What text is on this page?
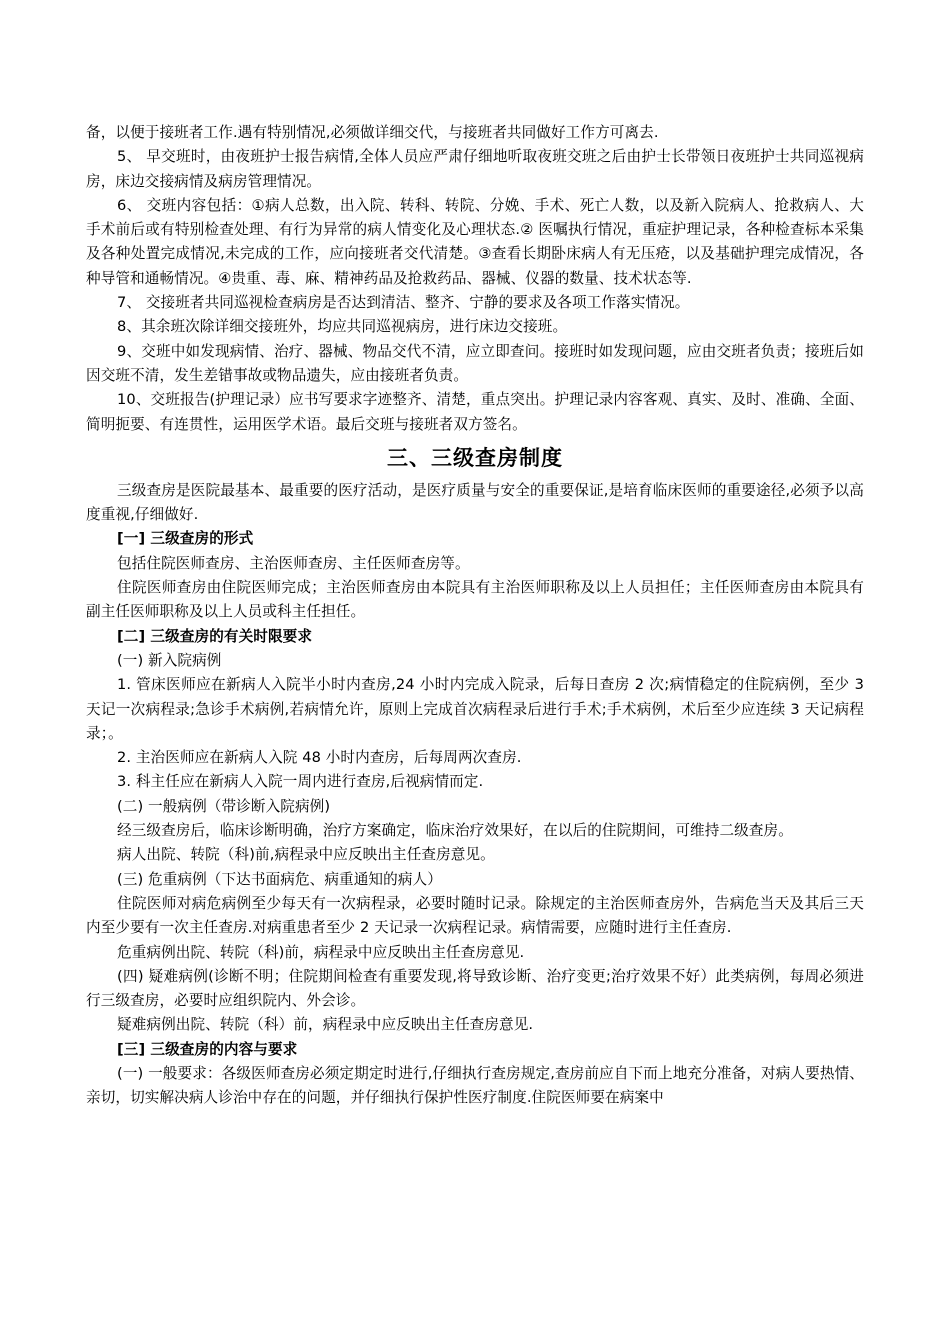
备，以便于接班者工作.遇有特别情况,必须做详细交代，与接班者共同做好工作方可离去.

5、 早交班时，由夜班护士报告病情,全体人员应严肃仔细地听取夜班交班之后由护士长带领日夜班护士共同巡视病房，床边交接病情及病房管理情况。

6、 交班内容包括：①病人总数，出入院、转科、转院、分娩、手术、死亡人数，以及新入院病人、抢救病人、大手术前后或有特别检查处理、有行为异常的病人情变化及心理状态.② 医嘱执行情况，重症护理记录，各种检查标本采集及各种处置完成情况,未完成的工作，应向接班者交代清楚。③查看长期卧床病人有无压疮，以及基础护理完成情况，各种导管和通畅情况。④贵重、毒、麻、精神药品及抢救药品、器械、仪器的数量、技术状态等.

7、 交接班者共同巡视检查病房是否达到清洁、整齐、宁静的要求及各项工作落实情况。

8、其余班次除详细交接班外，均应共同巡视病房，进行床边交接班。

9、交班中如发现病情、治疗、器械、物品交代不清，应立即查问。接班时如发现问题，应由交班者负责；接班后如因交班不清，发生差错事故或物品遗失，应由接班者负责。

10、交班报告(护理记录）应书写要求字迹整齐、清楚，重点突出。护理记录内容客观、真实、及时、准确、全面、简明扼要、有连贯性，运用医学术语。最后交班与接班者双方签名。

三、三级查房制度

三级查房是医院最基本、最重要的医疗活动，是医疗质量与安全的重要保证,是培育临床医师的重要途径,必须予以高度重视,仔细做好.

[一] 三级查房的形式

包括住院医师查房、主治医师查房、主任医师查房等。

住院医师查房由住院医师完成；主治医师查房由本院具有主治医师职称及以上人员担任；主任医师查房由本院具有副主任医师职称及以上人员或科主任担任。

[二] 三级查房的有关时限要求

(一) 新入院病例

1. 管床医师应在新病人入院半小时内查房,24 小时内完成入院录，后每日查房 2 次;病情稳定的住院病例，至少 3 天记一次病程录;急诊手术病例,若病情允许，原则上完成首次病程录后进行手术;手术病例，术后至少应连续 3 天记病程录；。

2. 主治医师应在新病人入院 48 小时内查房，后每周两次查房.

3. 科主任应在新病人入院一周内进行查房,后视病情而定.

(二) 一般病例（带诊断入院病例)

经三级查房后，临床诊断明确，治疗方案确定，临床治疗效果好，在以后的住院期间，可维持二级查房。

病人出院、转院（科)前,病程录中应反映出主任查房意见。

(三) 危重病例（下达书面病危、病重通知的病人）

住院医师对病危病例至少每天有一次病程录，必要时随时记录。除规定的主治医师查房外，告病危当天及其后三天内至少要有一次主任查房.对病重患者至少 2 天记录一次病程记录。病情需要，应随时进行主任查房.

危重病例出院、转院（科)前，病程录中应反映出主任查房意见.

(四) 疑难病例(诊断不明；住院期间检查有重要发现,将导致诊断、治疗变更;治疗效果不好）此类病例，每周必须进行三级查房，必要时应组织院内、外会诊。

疑难病例出院、转院（科）前，病程录中应反映出主任查房意见.

[三] 三级查房的内容与要求

(一) 一般要求：各级医师查房必须定期定时进行,仔细执行查房规定,查房前应自下而上地充分准备，对病人要热情、亲切，切实解决病人诊治中存在的问题，并仔细执行保护性医疗制度.住院医师要在病案中
